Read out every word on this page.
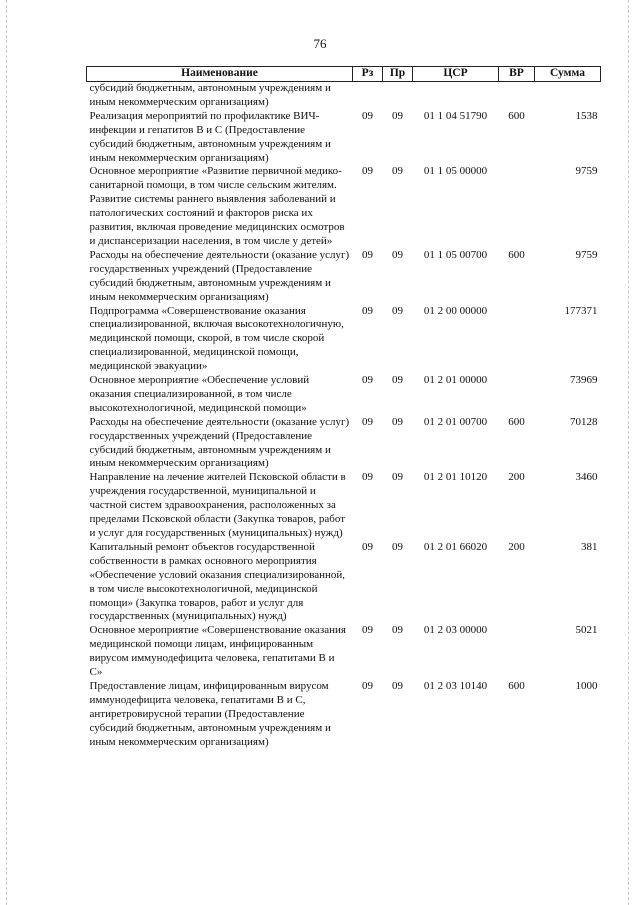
76
Наименование	Рз	Пр	ЦСР	ВР	Сумма
субсидий бюджетным, автономным учреждениям и иным некоммерческим организациям)					
Реализация мероприятий по профилактике ВИЧ-инфекции и гепатитов В и С (Предоставление субсидий бюджетным, автономным учреждениям и иным некоммерческим организациям)	09	09	01 1 04 51790	600	1538
Основное мероприятие «Развитие первичной медико-санитарной помощи, в том числе сельским жителям. Развитие системы раннего выявления заболеваний и патологических состояний и факторов риска их развития, включая проведение медицинских осмотров и диспансеризации населения, в том числе у детей»	09	09	01 1 05 00000		9759
Расходы на обеспечение деятельности (оказание услуг) государственных учреждений (Предоставление субсидий бюджетным, автономным учреждениям и иным некоммерческим организациям)	09	09	01 1 05 00700	600	9759
Подпрограмма «Совершенствование оказания специализированной, включая высокотехнологичную, медицинской помощи, скорой, в том числе скорой специализированной, медицинской помощи, медицинской эвакуации»	09	09	01 2 00 00000		177371
Основное мероприятие «Обеспечение условий оказания специализированной, в том числе высокотехнологичной, медицинской помощи»	09	09	01 2 01 00000		73969
Расходы на обеспечение деятельности (оказание услуг) государственных учреждений (Предоставление субсидий бюджетным, автономным учреждениям и иным некоммерческим организациям)	09	09	01 2 01 00700	600	70128
Направление на лечение жителей Псковской области в учреждения государственной, муниципальной и частной систем здравоохранения, расположенных за пределами Псковской области (Закупка товаров, работ и услуг для государственных (муниципальных) нужд)	09	09	01 2 01 10120	200	3460
Капитальный ремонт объектов государственной собственности в рамках основного мероприятия «Обеспечение условий оказания специализированной, в том числе высокотехнологичной, медицинской помощи» (Закупка товаров, работ и услуг для государственных (муниципальных) нужд)	09	09	01 2 01 66020	200	381
Основное мероприятие «Совершенствование оказания медицинской помощи лицам, инфицированным вирусом иммунодефицита человека, гепатитами В и С»	09	09	01 2 03 00000		5021
Предоставление лицам, инфицированным вирусом иммунодефицита человека, гепатитами В и С, антиретровирусной терапии (Предоставление субсидий бюджетным, автономным учреждениям и иным некоммерческим организациям)	09	09	01 2 03 10140	600	1000
